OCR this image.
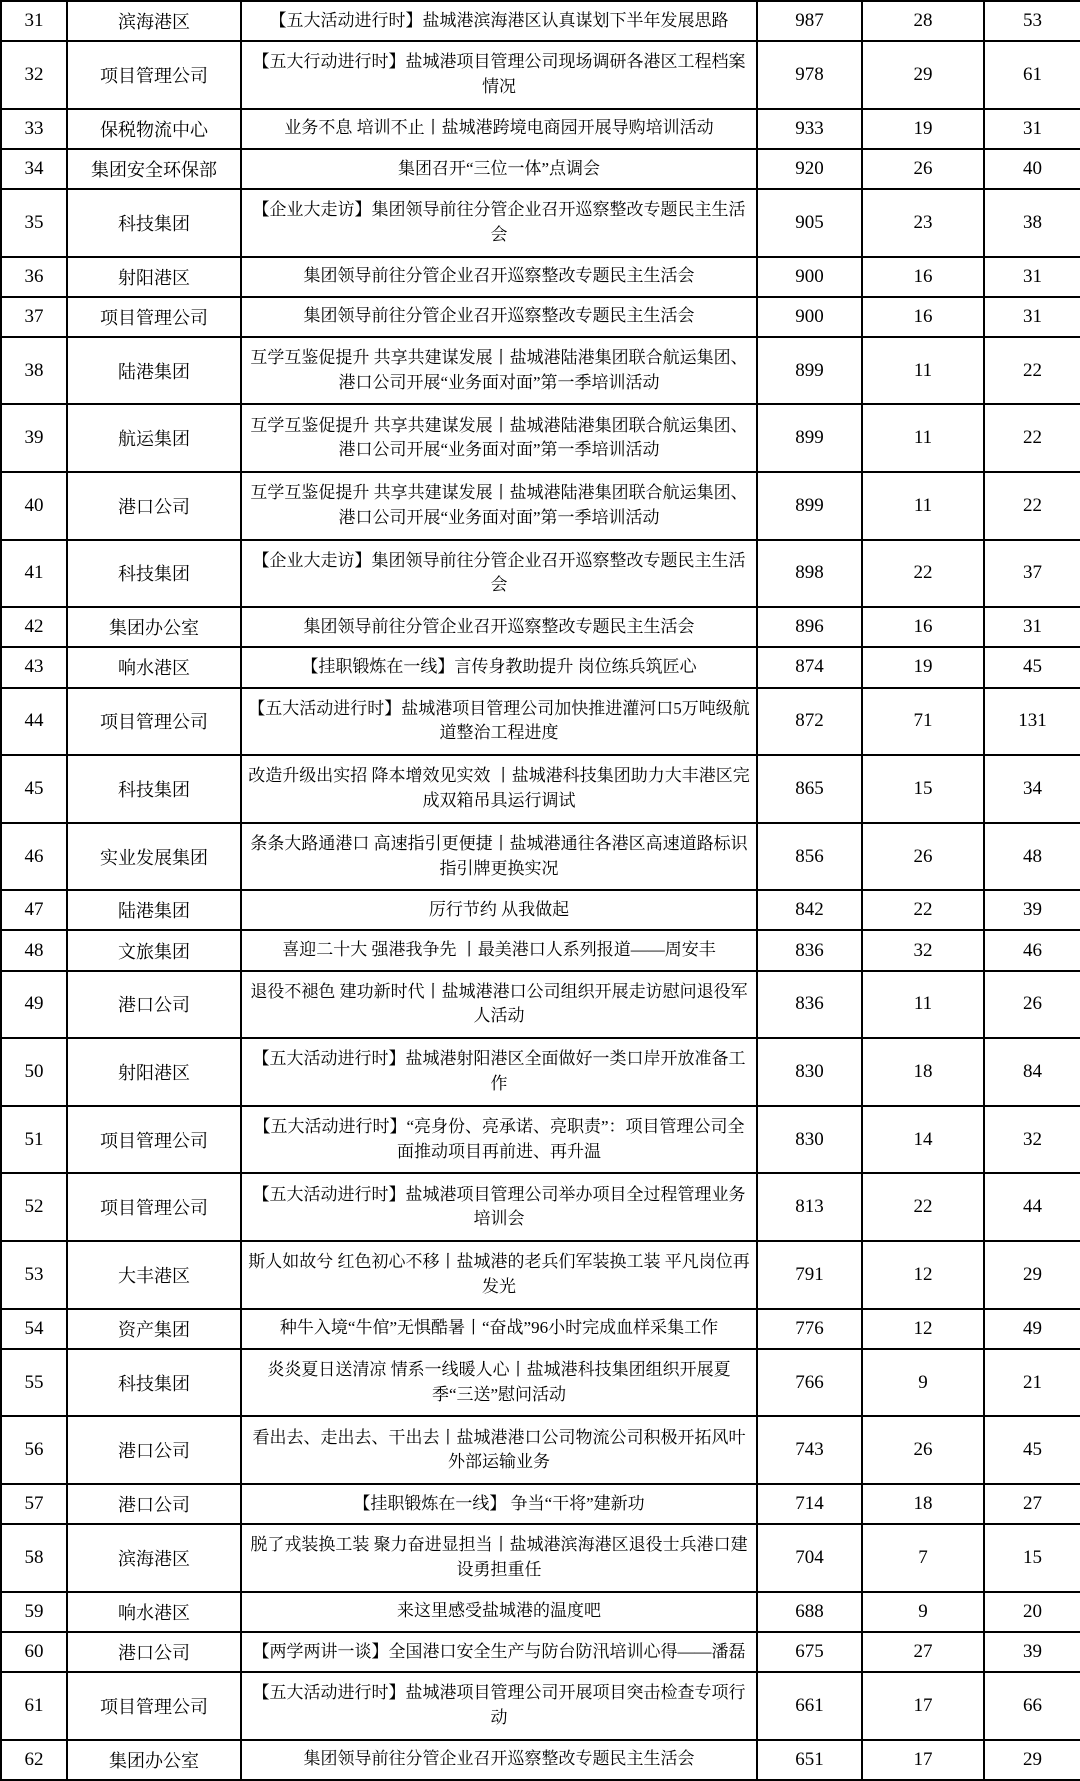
31	滨海港区	【五大活动进行时】盐城港滨海港区认真谋划下半年发展思路	987	28	53
32	项目管理公司	【五大行动进行时】盐城港项目管理公司现场调研各港区工程档案情况	978	29	61
33	保税物流中心	业务不息 培训不止丨盐城港跨境电商园开展导购培训活动	933	19	31
34	集团安全环保部	集团召开“三位一体”点调会	920	26	40
35	科技集团	【企业大走访】集团领导前往分管企业召开巡察整改专题民主生活会	905	23	38
36	射阳港区	集团领导前往分管企业召开巡察整改专题民主生活会	900	16	31
37	项目管理公司	集团领导前往分管企业召开巡察整改专题民主生活会	900	16	31
38	陆港集团	互学互鉴促提升 共享共建谋发展丨盐城港陆港集团联合航运集团、港口公司开展“业务面对面”第一季培训活动	899	11	22
39	航运集团	互学互鉴促提升 共享共建谋发展丨盐城港陆港集团联合航运集团、港口公司开展“业务面对面”第一季培训活动	899	11	22
40	港口公司	互学互鉴促提升 共享共建谋发展丨盐城港陆港集团联合航运集团、港口公司开展“业务面对面”第一季培训活动	899	11	22
41	科技集团	【企业大走访】集团领导前往分管企业召开巡察整改专题民主生活会	898	22	37
42	集团办公室	集团领导前往分管企业召开巡察整改专题民主生活会	896	16	31
43	响水港区	【挂职锻炼在一线】言传身教助提升 岗位练兵筑匠心	874	19	45
44	项目管理公司	【五大活动进行时】盐城港项目管理公司加快推进灌河口5万吨级航道整治工程进度	872	71	131
45	科技集团	改造升级出实招 降本增效见实效 丨盐城港科技集团助力大丰港区完成双箱吊具运行调试	865	15	34
46	实业发展集团	条条大路通港口 高速指引更便捷丨盐城港通往各港区高速道路标识指引牌更换实况	856	26	48
47	陆港集团	厉行节约 从我做起	842	22	39
48	文旅集团	喜迎二十大 强港我争先 丨最美港口人系列报道——周安丰	836	32	46
49	港口公司	退役不褪色 建功新时代丨盐城港港口公司组织开展走访慰问退役军人活动	836	11	26
50	射阳港区	【五大活动进行时】盐城港射阳港区全面做好一类口岸开放准备工作	830	18	84
51	项目管理公司	【五大活动进行时】“亮身份、亮承诺、亮职责”：项目管理公司全面推动项目再前进、再升温	830	14	32
52	项目管理公司	【五大活动进行时】盐城港项目管理公司举办项目全过程管理业务培训会	813	22	44
53	大丰港区	斯人如故兮 红色初心不移丨盐城港的老兵们军装换工装 平凡岗位再发光	791	12	29
54	资产集团	种牛入境“牛倌”无惧酷暑丨“奋战”96小时完成血样采集工作	776	12	49
55	科技集团	炎炎夏日送清凉 情系一线暖人心丨盐城港科技集团组织开展夏季“三送”慰问活动	766	9	21
56	港口公司	看出去、走出去、干出去丨盐城港港口公司物流公司积极开拓风叶外部运输业务	743	26	45
57	港口公司	【挂职锻炼在一线】 争当“干将”建新功	714	18	27
58	滨海港区	脱了戎装换工装 聚力奋进显担当丨盐城港滨海港区退役士兵港口建设勇担重任	704	7	15
59	响水港区	来这里感受盐城港的温度吧	688	9	20
60	港口公司	【两学两讲一谈】全国港口安全生产与防台防汛培训心得——潘磊	675	27	39
61	项目管理公司	【五大活动进行时】盐城港项目管理公司开展项目突击检查专项行动	661	17	66
62	集团办公室	集团领导前往分管企业召开巡察整改专题民主生活会	651	17	29
